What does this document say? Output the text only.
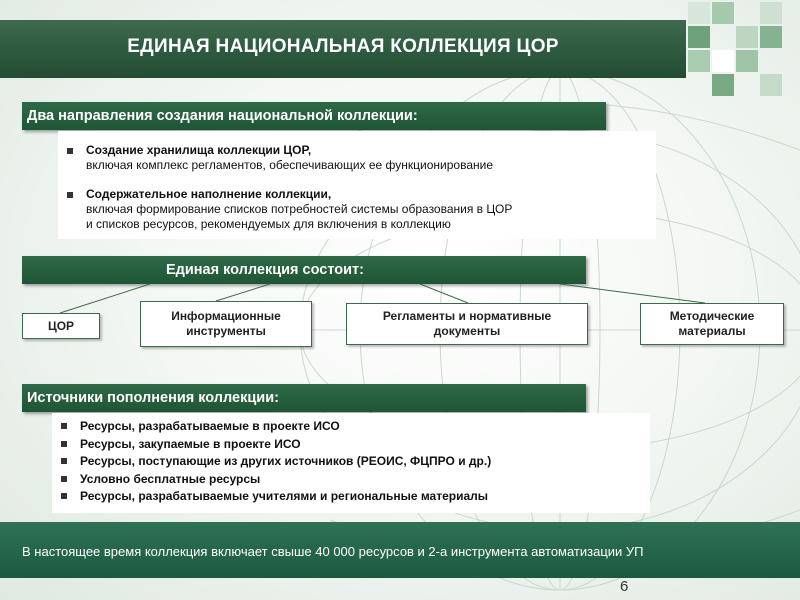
ЕДИНАЯ НАЦИОНАЛЬНАЯ КОЛЛЕКЦИЯ ЦОР
Два направления создания национальной коллекции:
Создание хранилища коллекции ЦОР,
включая комплекс регламентов, обеспечивающих ее функционирование
Содержательное наполнение коллекции,
включая формирование списков потребностей системы образования в ЦОР
и списков ресурсов, рекомендуемых для включения в коллекцию
Единая коллекция состоит:
ЦОР
Информационные
инструменты
Регламенты и нормативные
документы
Методические
материалы
Источники пополнения коллекции:
Ресурсы, разрабатываемые в проекте ИСО
Ресурсы, закупаемые в проекте ИСО
Ресурсы, поступающие из других источников (РЕОИС, ФЦПРО и др.)
Условно бесплатные ресурсы
Ресурсы, разрабатываемые учителями и региональные материалы
В настоящее время коллекция включает свыше 40 000 ресурсов и 2-а инструмента автоматизации УП
6
